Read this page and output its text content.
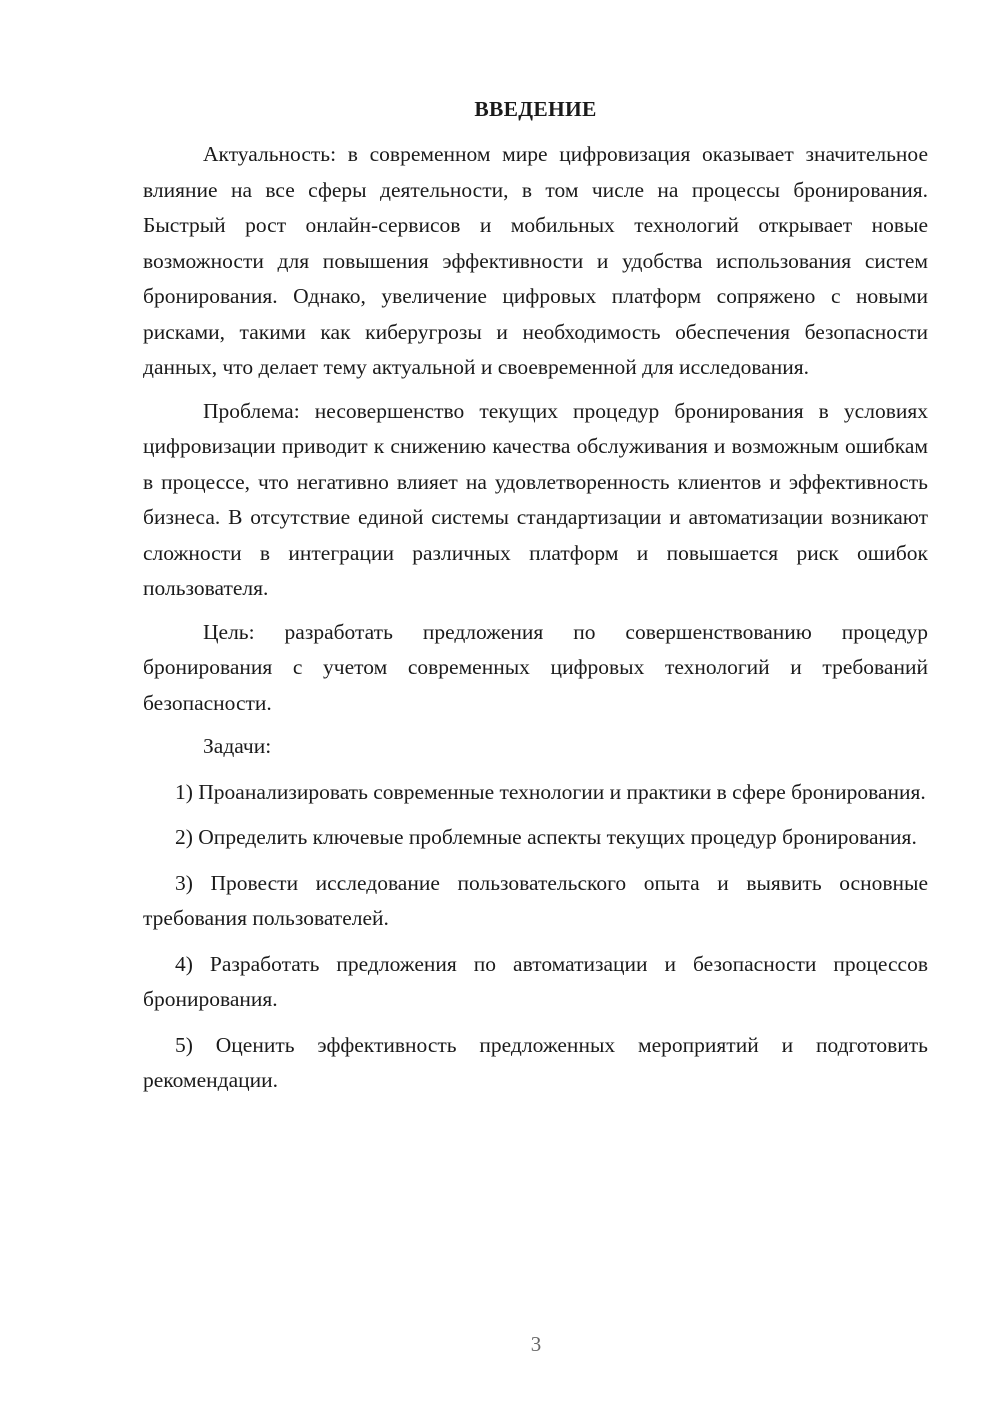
ВВЕДЕНИЕ

Актуальность: в современном мире цифровизация оказывает значительное влияние на все сферы деятельности, в том числе на процессы бронирования. Быстрый рост онлайн-сервисов и мобильных технологий открывает новые возможности для повышения эффективности и удобства использования систем бронирования. Однако, увеличение цифровых платформ сопряжено с новыми рисками, такими как киберугрозы и необходимость обеспечения безопасности данных, что делает тему актуальной и своевременной для исследования.

Проблема: несовершенство текущих процедур бронирования в условиях цифровизации приводит к снижению качества обслуживания и возможным ошибкам в процессе, что негативно влияет на удовлетворенность клиентов и эффективность бизнеса. В отсутствие единой системы стандартизации и автоматизации возникают сложности в интеграции различных платформ и повышается риск ошибок пользователя.

Цель: разработать предложения по совершенствованию процедур бронирования с учетом современных цифровых технологий и требований безопасности.

Задачи:

1) Проанализировать современные технологии и практики в сфере бронирования.

2) Определить ключевые проблемные аспекты текущих процедур бронирования.

3) Провести исследование пользовательского опыта и выявить основные требования пользователей.

4) Разработать предложения по автоматизации и безопасности процессов бронирования.

5) Оценить эффективность предложенных мероприятий и подготовить рекомендации.

3
